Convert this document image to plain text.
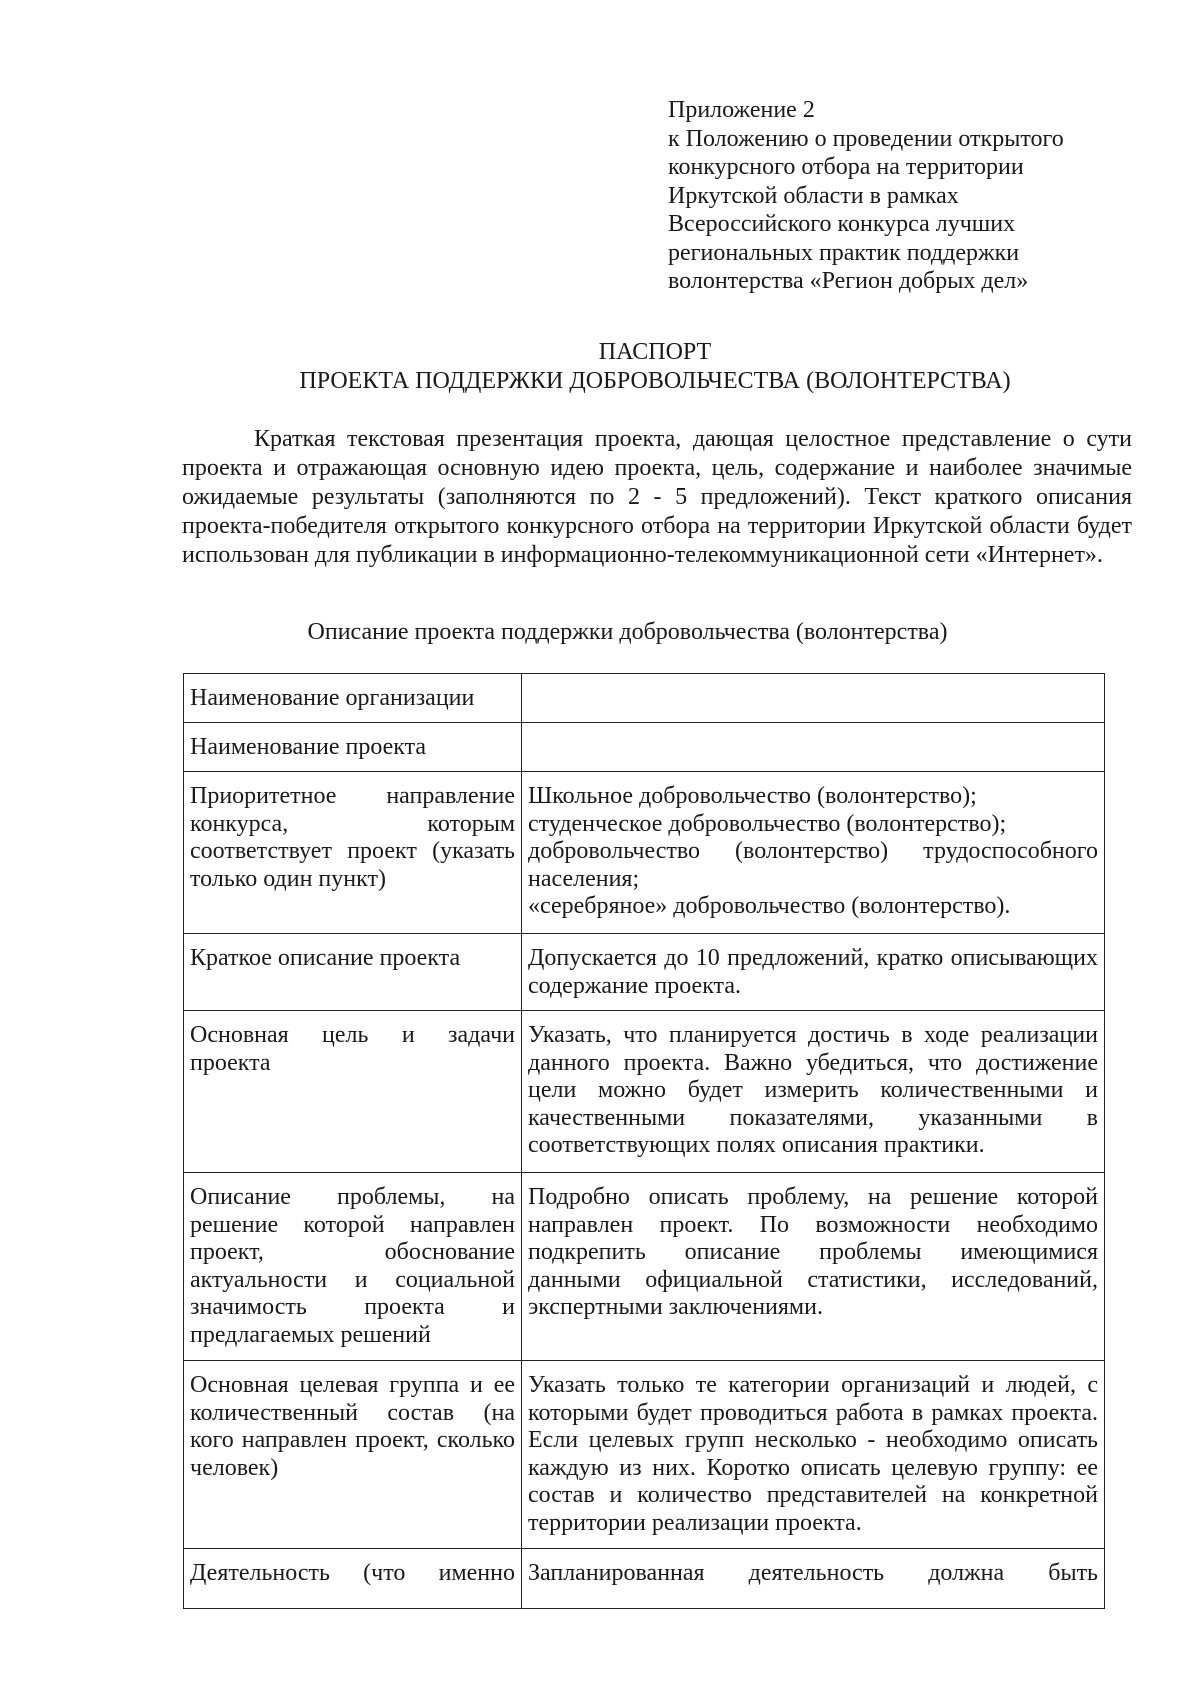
Приложение 2
к Положению о проведении открытого
конкурсного отбора на территории
Иркутской области в рамках
Всероссийского конкурса лучших
региональных практик поддержки
волонтерства «Регион добрых дел»
ПАСПОРТ
ПРОЕКТА ПОДДЕРЖКИ ДОБРОВОЛЬЧЕСТВА (ВОЛОНТЕРСТВА)

Краткая текстовая презентация проекта, дающая целостное представление о сути проекта и отражающая основную идею проекта, цель, содержание и наиболее значимые ожидаемые результаты (заполняются по 2 - 5 предложений). Текст краткого описания проекта-победителя открытого конкурсного отбора на территории Иркутской области будет использован для публикации в информационно-телекоммуникационной сети «Интернет».

Описание проекта поддержки добровольчества (волонтерства)
Наименование организации	
Наименование проекта	
Приоритетное направление конкурса, которым соответствует проект (указать только один пункт)	Школьное добровольчество (волонтерство);
студенческое добровольчество (волонтерство);
добровольчество (волонтерство) трудоспособного населения;
«серебряное» добровольчество (волонтерство).

Краткое описание проекта	Допускается до 10 предложений, кратко описывающих содержание проекта.
Основная цель и задачи проекта	Указать, что планируется достичь в ходе реализации данного проекта. Важно убедиться, что достижение цели можно будет измерить количественными и качественными показателями, указанными в соответствующих полях описания практики.
Описание проблемы, на решение которой направлен проект, обоснование актуальности и социальной значимость проекта и предлагаемых решений	Подробно описать проблему, на решение которой направлен проект. По возможности необходимо подкрепить описание проблемы имеющимися данными официальной статистики, исследований, экспертными заключениями.
Основная целевая группа и ее количественный состав (на кого направлен проект, сколько человек)	Указать только те категории организаций и людей, с которыми будет проводиться работа в рамках проекта. Если целевых групп несколько - необходимо описать каждую из них. Коротко описать целевую группу: ее состав и количество представителей на конкретной территории реализации проекта.
Деятельность (что именно	Запланированная деятельность должна быть
